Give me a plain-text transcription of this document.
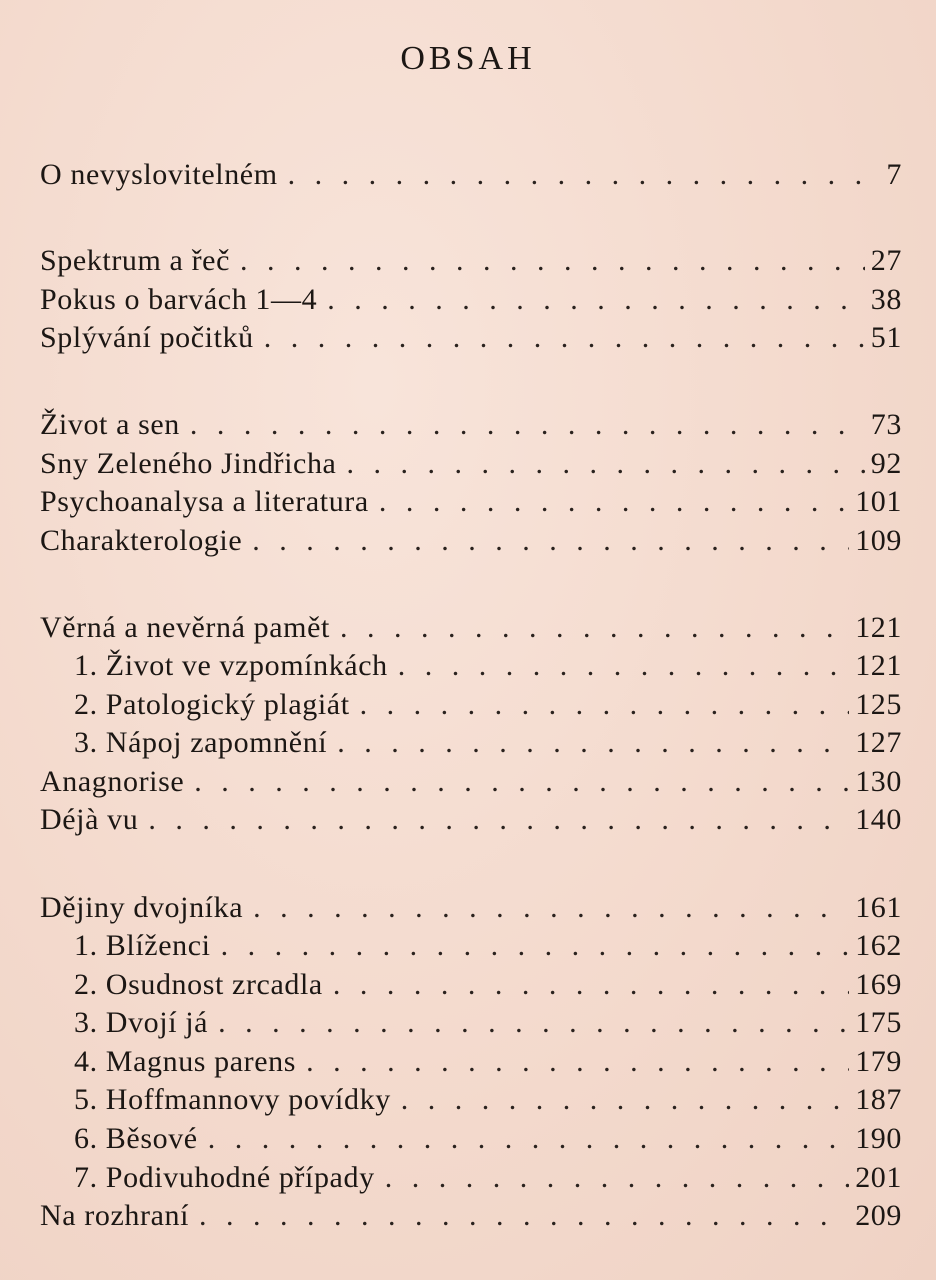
OBSAH
O nevyslovitelném . . .	7
Spektrum a řeč . . .	27
Pokus o barvách 1—4 . . .	38
Splývání počitků . . .	51
Život a sen . . .	73
Sny Zeleného Jindřicha . . .	92
Psychoanalysa a literatura . . .	101
Charakterologie . . .	109
Věrná a nevěrná pamět . . .	121
1. Život ve vzpomínkách . . .	121
2. Patologický plagiát . . .	125
3. Nápoj zapomnění . . .	127
Anagnorise . . .	130
Déjà vu . . .	140
Dějiny dvojníka . . .	161
1. Blíženci . . .	162
2. Osudnost zrcadla . . .	169
3. Dvojí já . . .	175
4. Magnus parens . . .	179
5. Hoffmannovy povídky . . .	187
6. Běsové . . .	190
7. Podivuhodné případy . . .	201
Na rozhraní . . .	209
